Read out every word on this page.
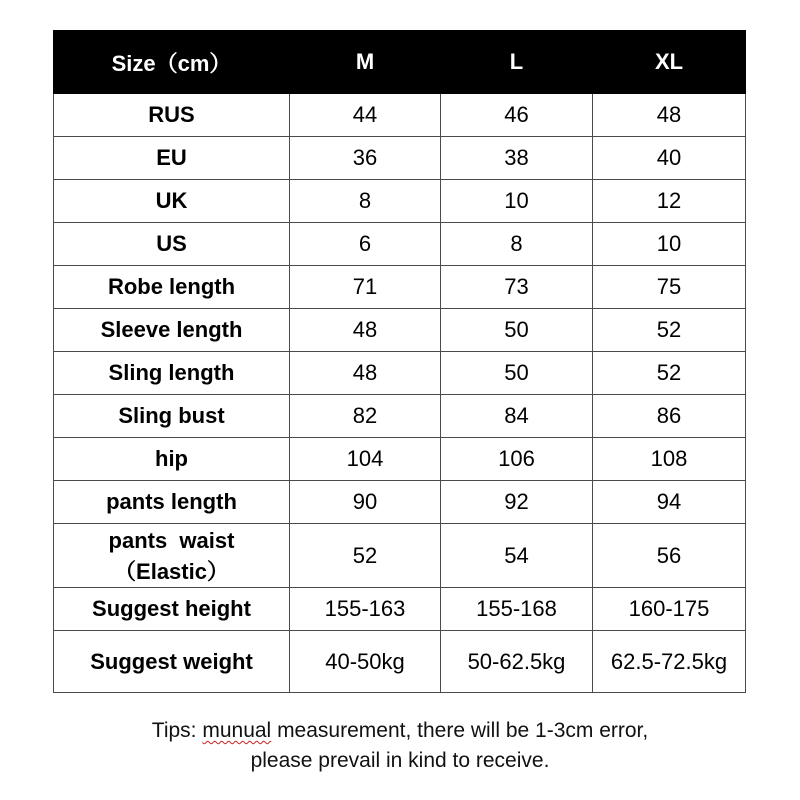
Size（cm）	M	L	XL
RUS	44	46	48
EU	36	38	40
UK	8	10	12
US	6	8	10
Robe length	71	73	75
Sleeve length	48	50	52
Sling length	48	50	52
Sling bust	82	84	86
hip	104	106	108
pants length	90	92	94

pants  waist
（Elastic）	52	54	56
Suggest height	155-163	155-168	160-175
Suggest weight	40-50kg	50-62.5kg	62.5-72.5kg
Tips: munual measurement, there will be 1-3cm error,
please prevail in kind to receive.
